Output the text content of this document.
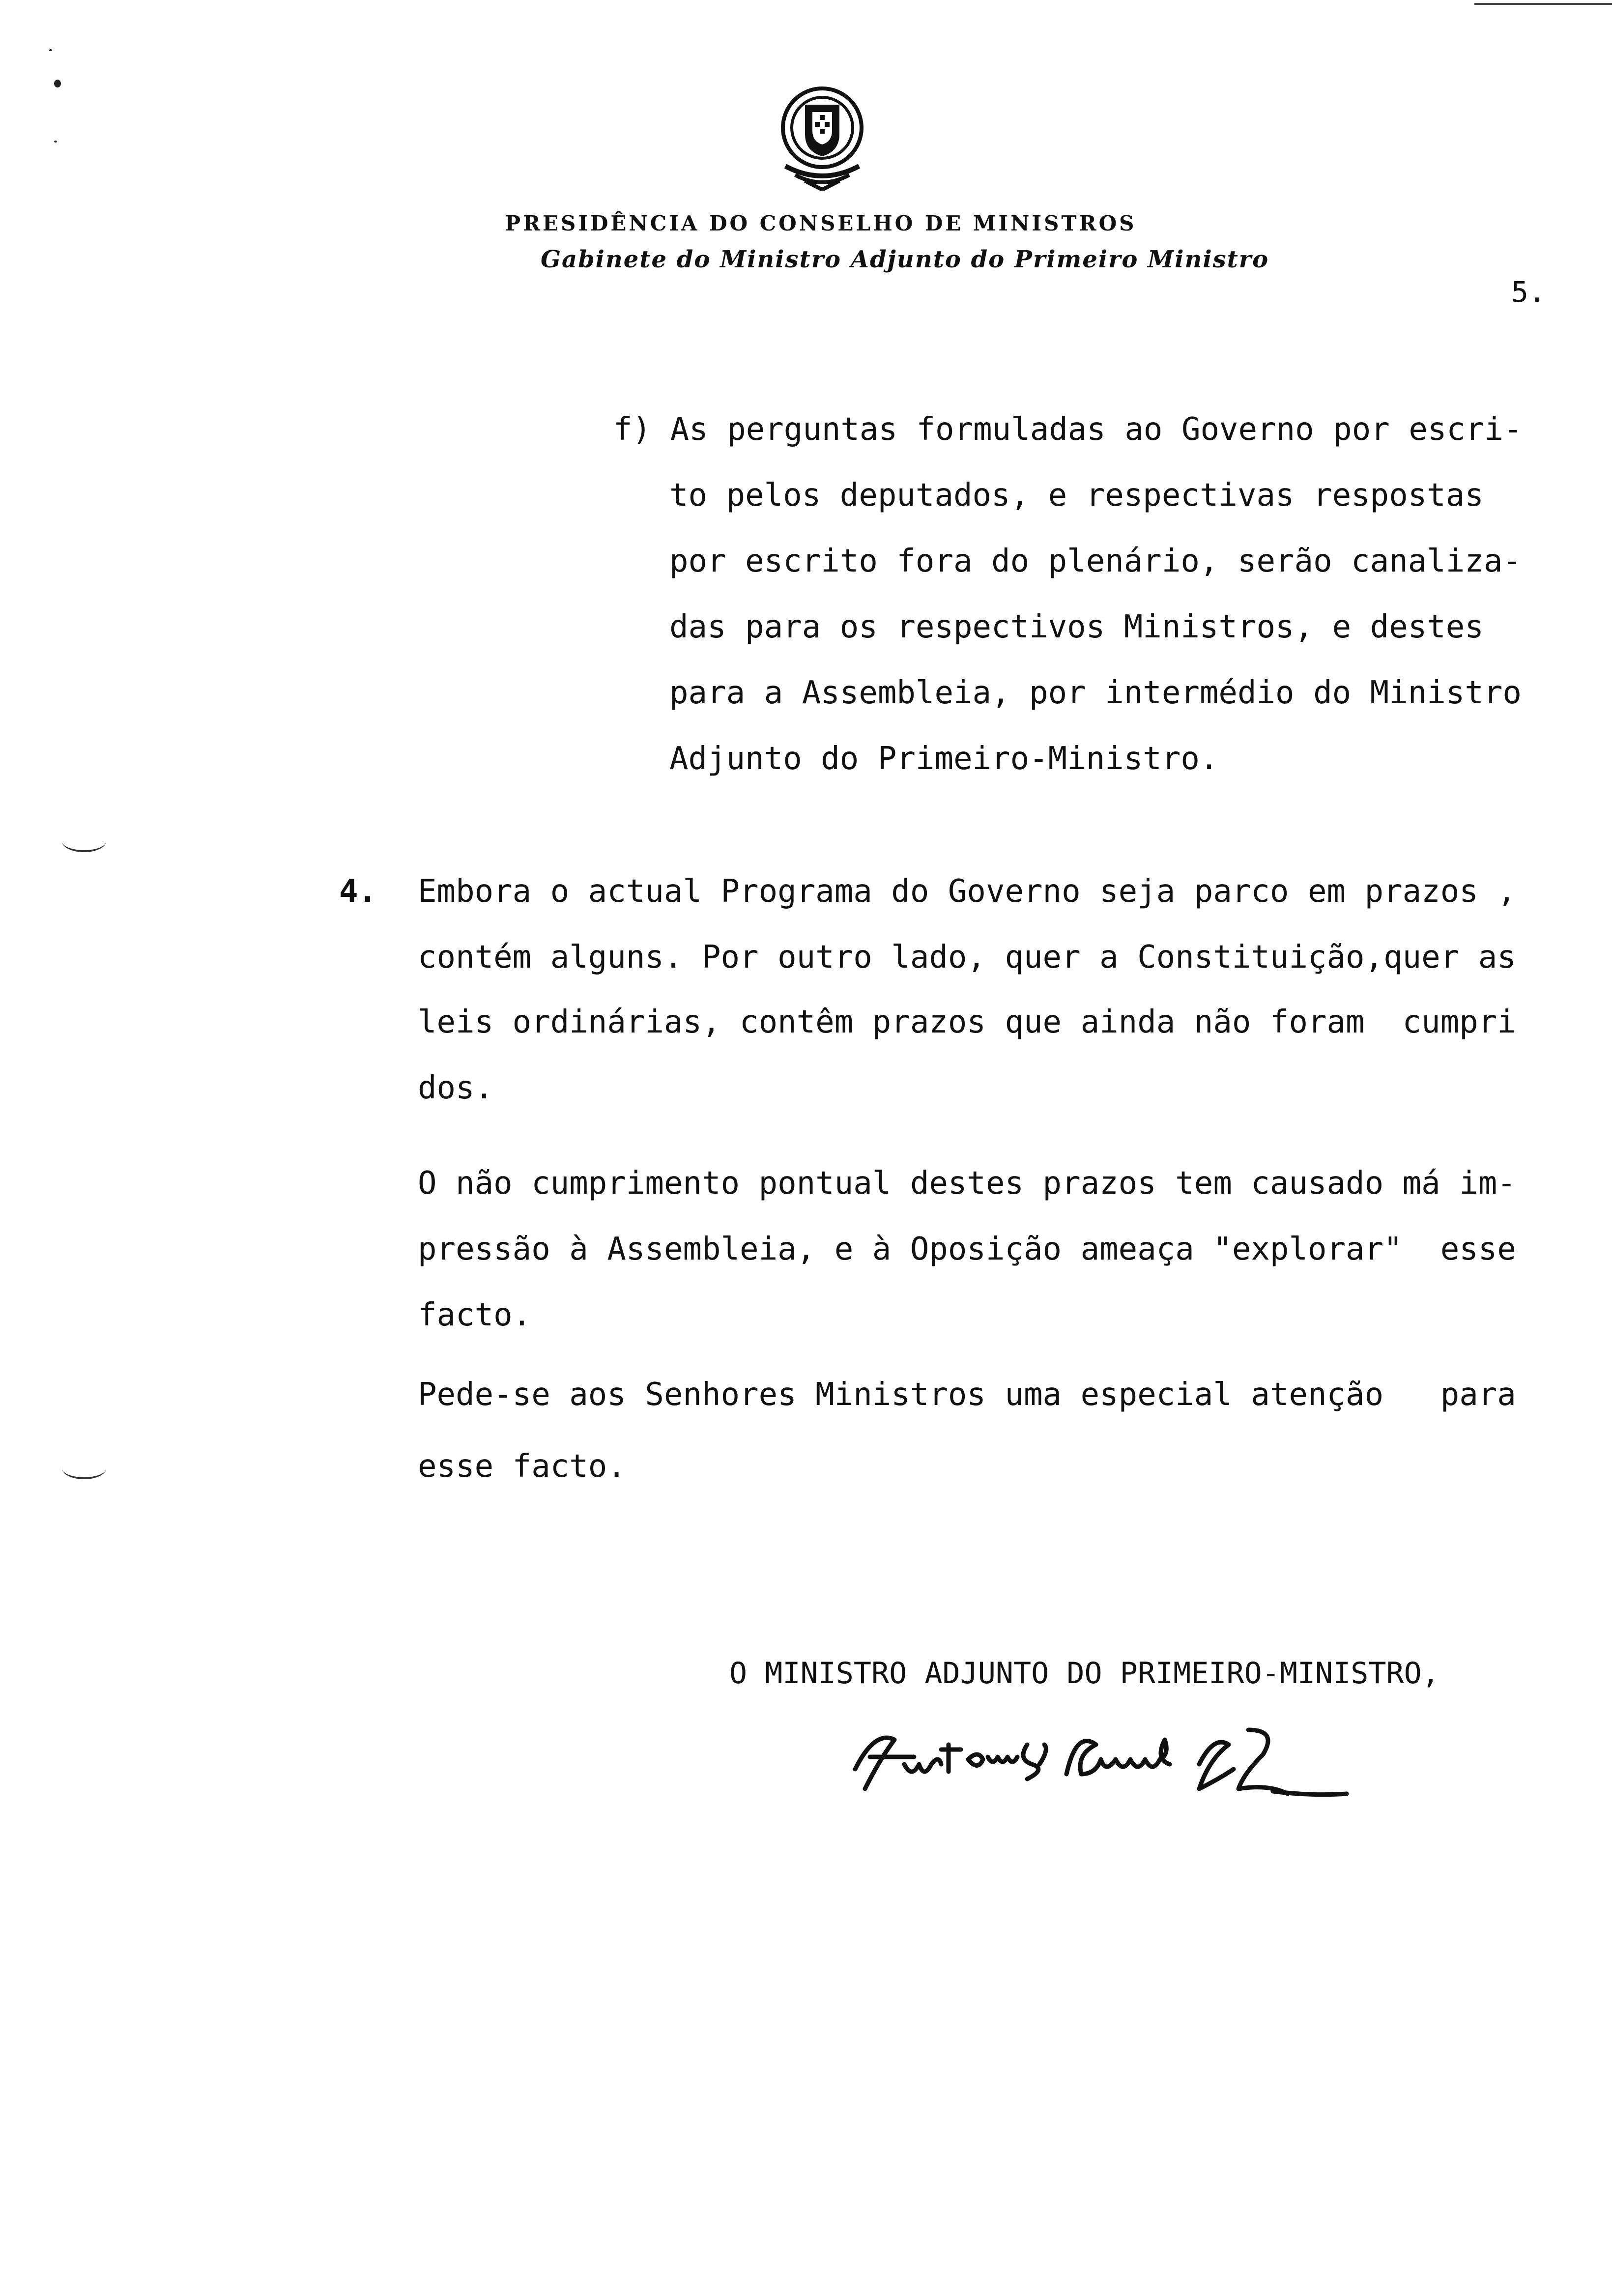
PRESIDÊNCIA DO CONSELHO DE MINISTROS
Gabinete do Ministro Adjunto do Primeiro Ministro
5.
f) As perguntas formuladas ao Governo por escri-
to pelos deputados, e respectivas respostas
por escrito fora do plenário, serão canaliza-
das para os respectivos Ministros, e destes
para a Assembleia, por intermédio do Ministro
Adjunto do Primeiro-Ministro.
4. Embora o actual Programa do Governo seja parco em prazos ,
contém alguns. Por outro lado, quer a Constituição,quer as
leis ordinárias, contêm prazos que ainda não foram  cumpri
dos.
O não cumprimento pontual destes prazos tem causado má im-
pressão à Assembleia, e à Oposição ameaça "explorar"  esse
facto.
Pede-se aos Senhores Ministros uma especial atenção   para
esse facto.
O MINISTRO ADJUNTO DO PRIMEIRO-MINISTRO,
